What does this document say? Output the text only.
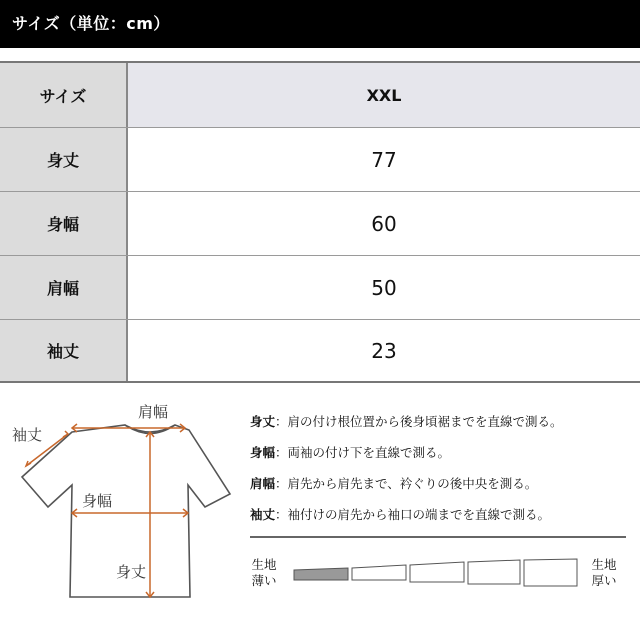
サイズ（単位：cm）
サイズ	XXL
身丈	77
身幅	60
肩幅	50
袖丈	23
肩幅
袖丈
身幅
身丈
身丈：肩の付け根位置から後身頃裾までを直線で測る。
身幅：両袖の付け下を直線で測る。
肩幅：肩先から肩先まで、衿ぐりの後中央を測る。
袖丈：袖付けの肩先から袖口の端までを直線で測る。
生地
薄い
生地
厚い
